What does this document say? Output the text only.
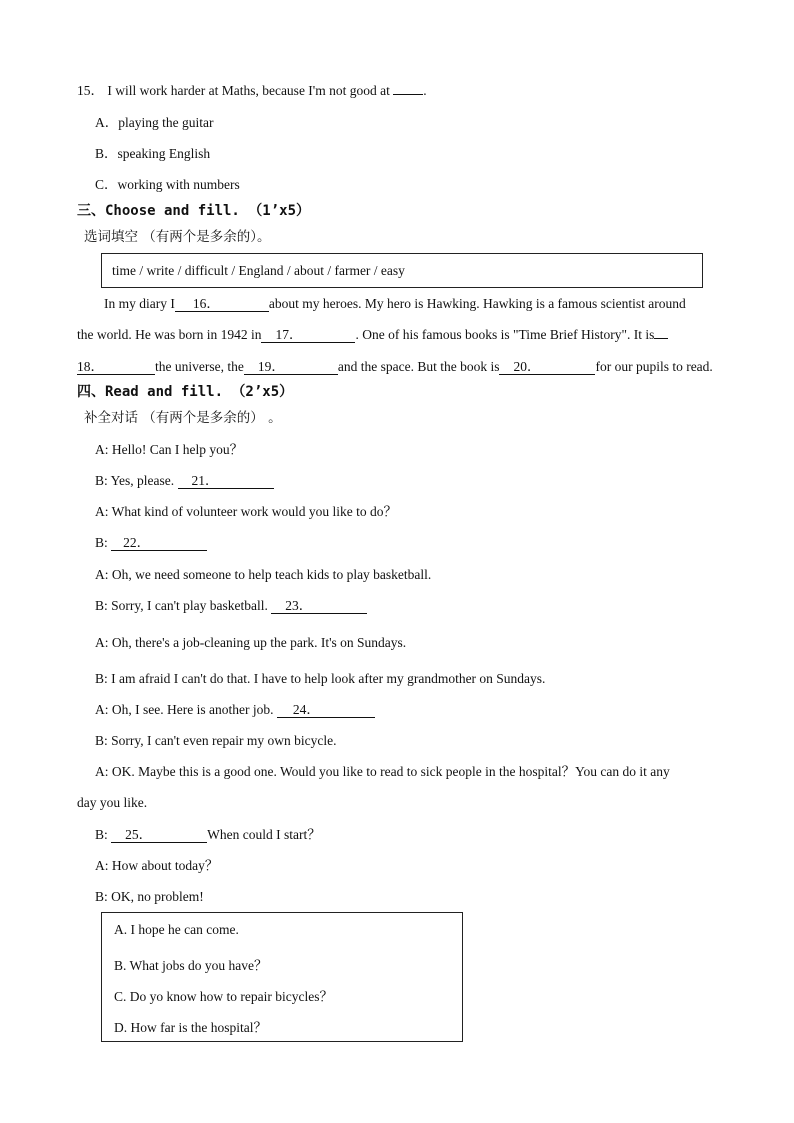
15． I will work harder at Maths, because I'm not good at .
A．playing the guitar
B．speaking English
C．working with numbers
三、Choose and fill. （1’x5）
选词填空 （有两个是多余的）。
time / write / difficult / England / about / farmer / easy
In my diary I 16．	about my heroes. My hero is Hawking. Hawking is a famous scientist around
the world. He was born in 1942 in 17．	. One of his famous books is "Time Brief History". It is
18．	the universe, the 19．	and the space. But the book is 20．	for our pupils to read.
四、Read and fill. （2’x5）
补全对话 （有两个是多余的） 。
A: Hello! Can I help you？
B: Yes, please. 21．
A: What kind of volunteer work would you like to do？
B: 22．
A: Oh, we need someone to help teach kids to play basketball.
B: Sorry, I can't play basketball. 23．
A: Oh, there's a job-cleaning up the park. It's on Sundays.
B: I am afraid I can't do that. I have to help look after my grandmother on Sundays.
A: Oh, I see. Here is another job. 24．
B: Sorry, I can't even repair my own bicycle.
A: OK. Maybe this is a good one. Would you like to read to sick people in the hospital？You can do it any
day you like.
B: 25．	When could I start？
A: How about today？
B: OK, no problem!
A. I hope he can come.
B. What jobs do you have？
C. Do yo know how to repair bicycles？
D. How far is the hospital？
